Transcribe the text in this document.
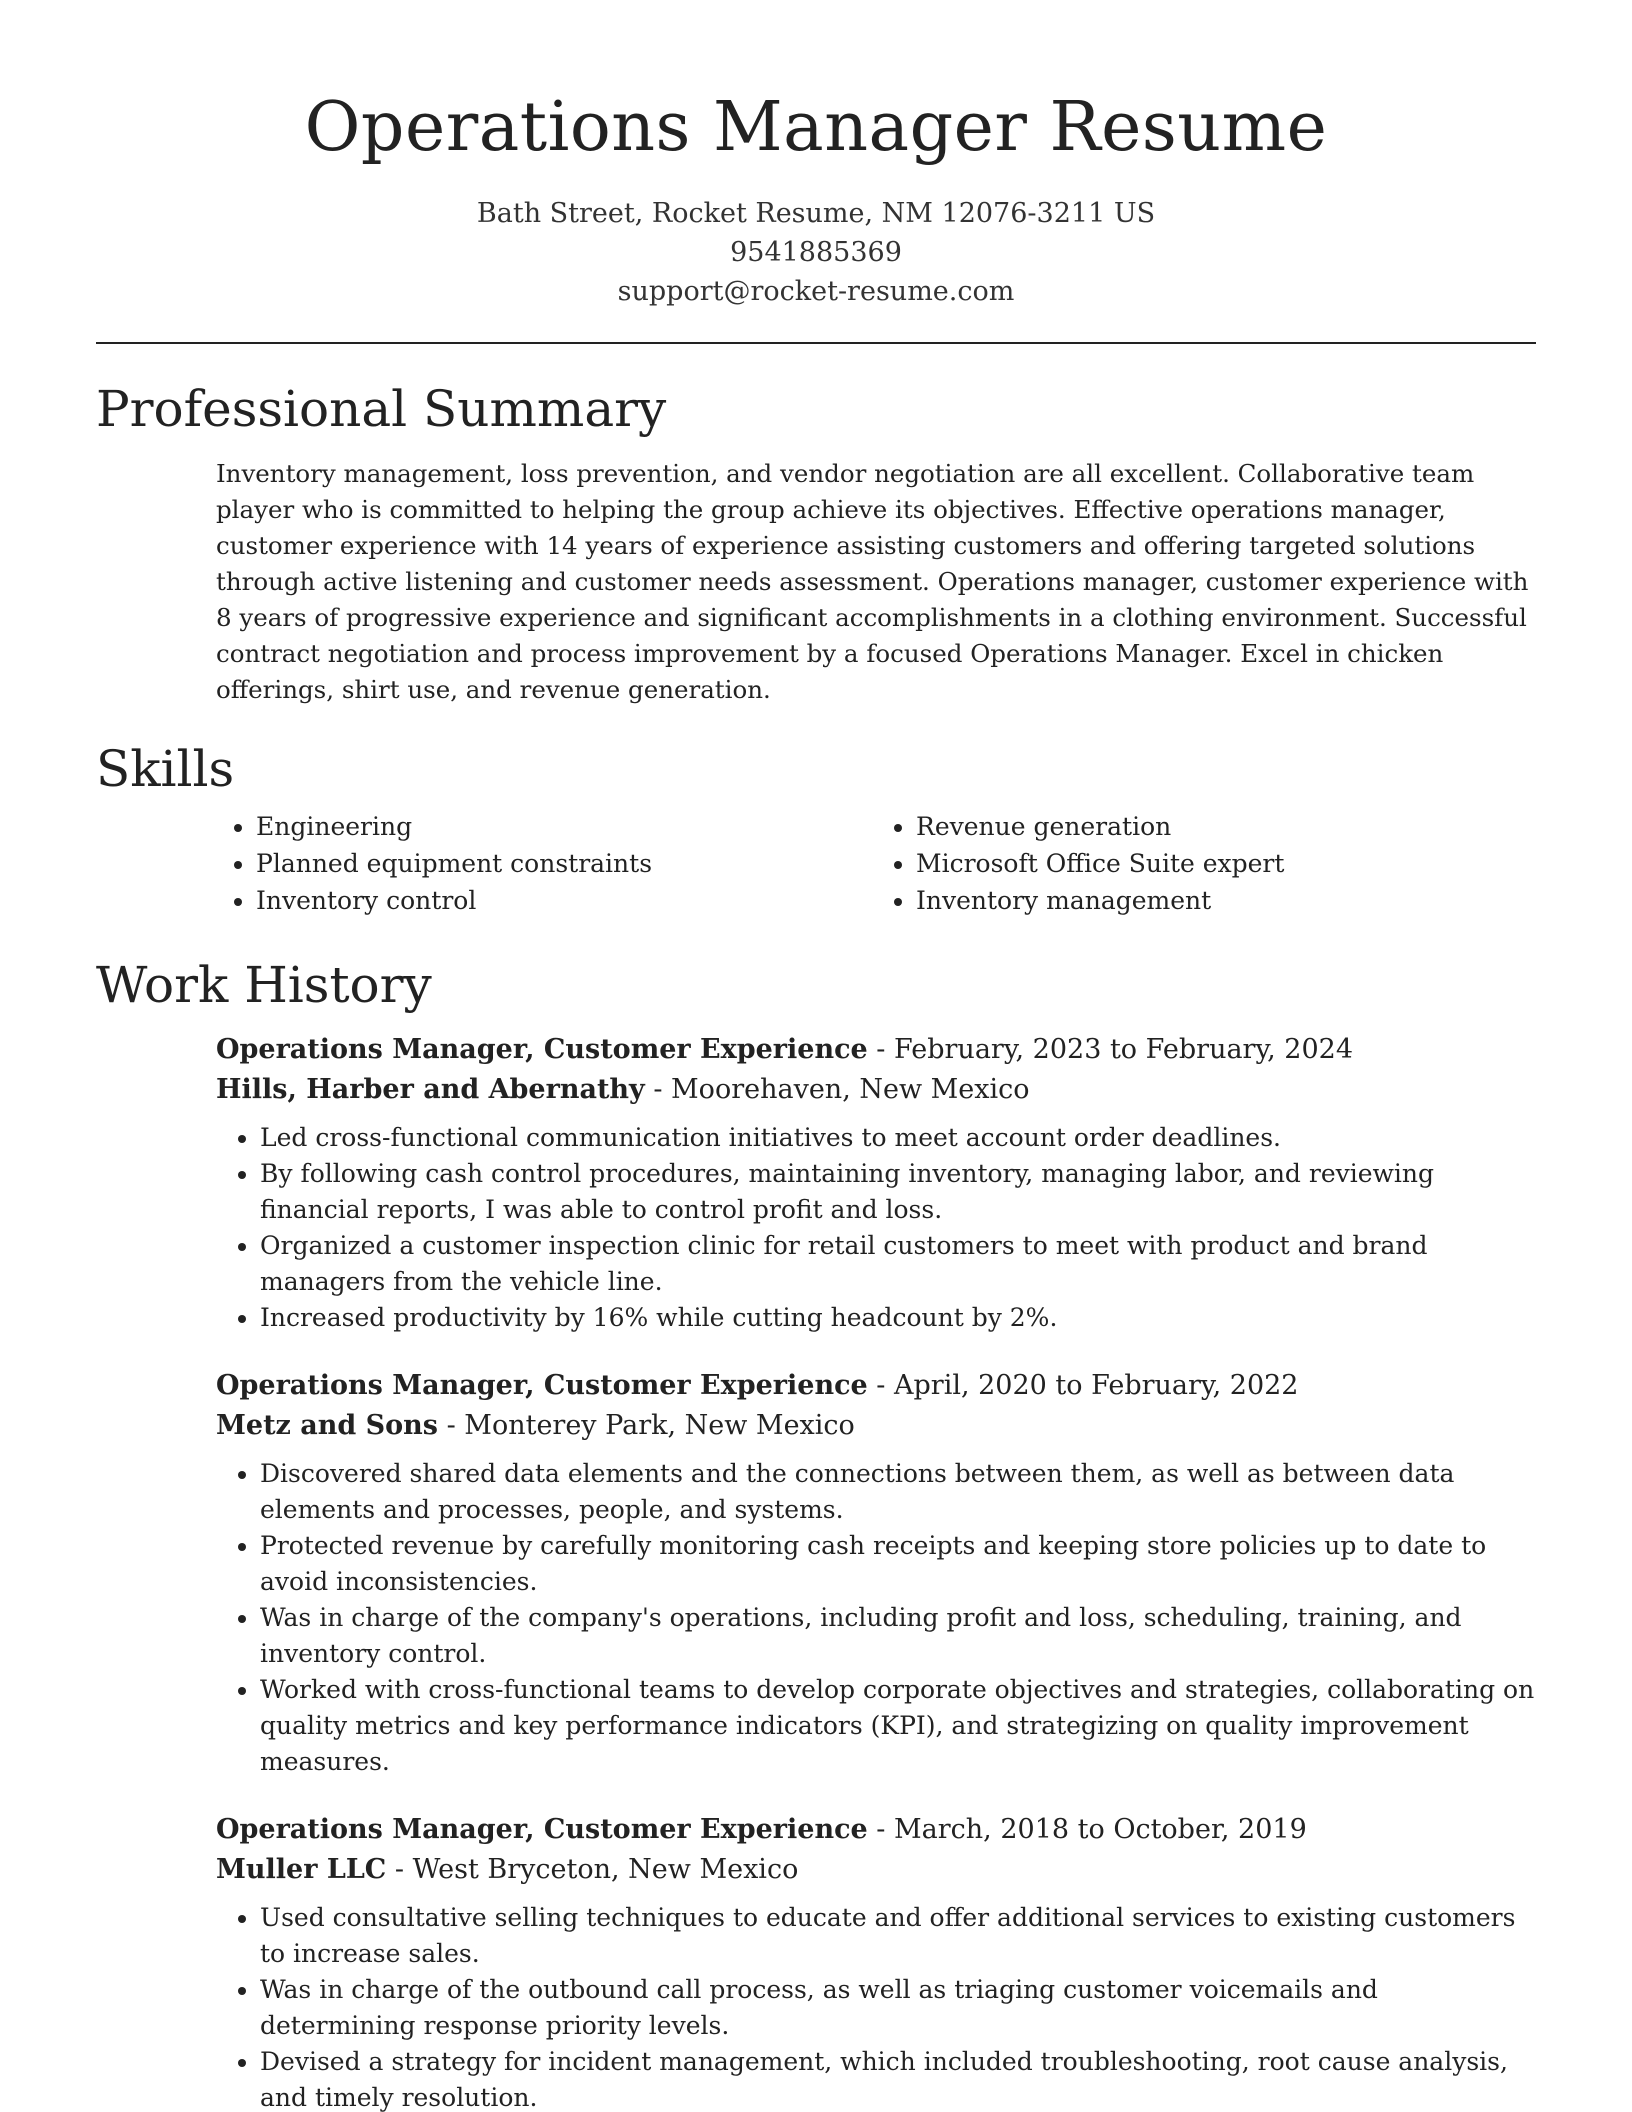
Operations Manager Resume
Bath Street, Rocket Resume, NM 12076-3211 US
9541885369
support@rocket-resume.com
Professional Summary

Inventory management, loss prevention, and vendor negotiation are all excellent. Collaborative team player who is committed to helping the group achieve its objectives. Effective operations manager, customer experience with 14 years of experience assisting customers and offering targeted solutions through active listening and customer needs assessment. Operations manager, customer experience with 8 years of progressive experience and significant accomplishments in a clothing environment. Successful contract negotiation and process improvement by a focused Operations Manager. Excel in chicken offerings, shirt use, and revenue generation.

Skills
• Engineering
• Planned equipment constraints
• Inventory control
• Revenue generation
• Microsoft Office Suite expert
• Inventory management
Work History
Operations Manager, Customer Experience - February, 2023 to February, 2024
Hills, Harber and Abernathy - Moorehaven, New Mexico
• Led cross-functional communication initiatives to meet account order deadlines.
• By following cash control procedures, maintaining inventory, managing labor, and reviewing financial reports, I was able to control profit and loss.
• Organized a customer inspection clinic for retail customers to meet with product and brand managers from the vehicle line.
• Increased productivity by 16% while cutting headcount by 2%.
Operations Manager, Customer Experience - April, 2020 to February, 2022
Metz and Sons - Monterey Park, New Mexico
• Discovered shared data elements and the connections between them, as well as between data elements and processes, people, and systems.
• Protected revenue by carefully monitoring cash receipts and keeping store policies up to date to avoid inconsistencies.
• Was in charge of the company's operations, including profit and loss, scheduling, training, and inventory control.
• Worked with cross-functional teams to develop corporate objectives and strategies, collaborating on quality metrics and key performance indicators (KPI), and strategizing on quality improvement measures.
Operations Manager, Customer Experience - March, 2018 to October, 2019
Muller LLC - West Bryceton, New Mexico
• Used consultative selling techniques to educate and offer additional services to existing customers to increase sales.
• Was in charge of the outbound call process, as well as triaging customer voicemails and determining response priority levels.
• Devised a strategy for incident management, which included troubleshooting, root cause analysis, and timely resolution.
